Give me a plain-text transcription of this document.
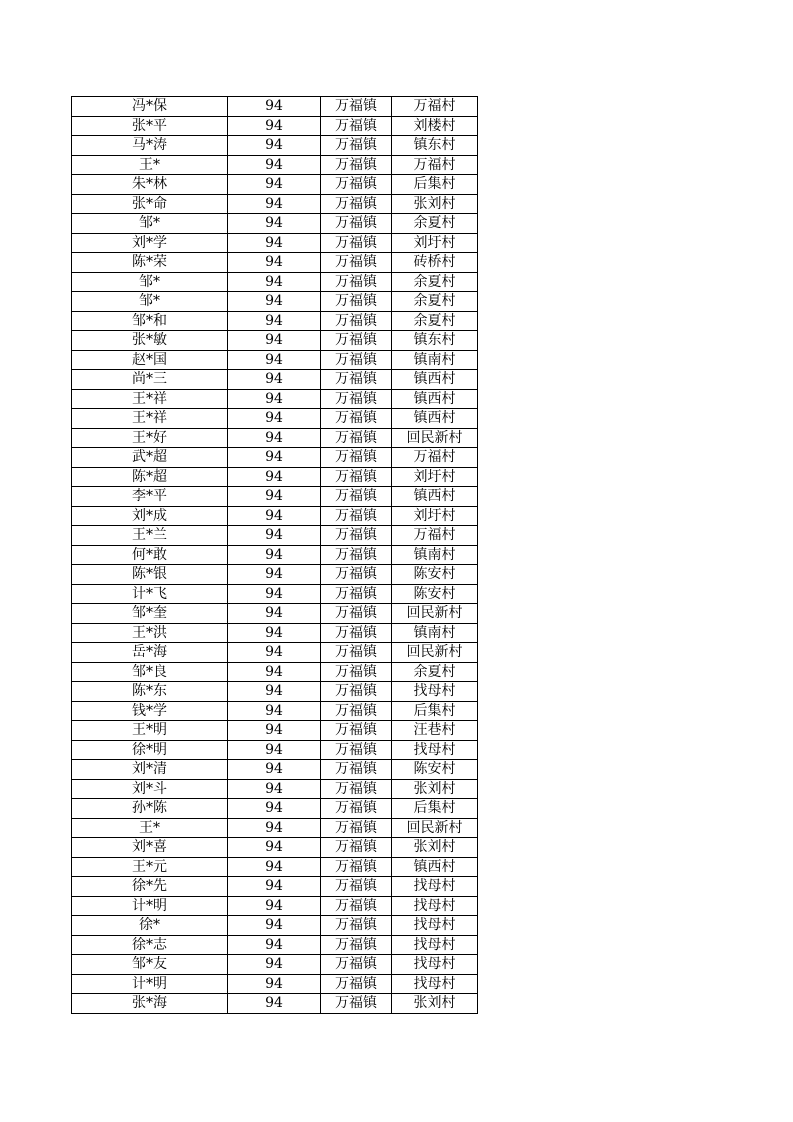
冯*保	94	万福镇	万福村
张*平	94	万福镇	刘楼村
马*涛	94	万福镇	镇东村
王*	94	万福镇	万福村
朱*林	94	万福镇	后集村
张*命	94	万福镇	张刘村
邹*	94	万福镇	余夏村
刘*学	94	万福镇	刘圩村
陈*荣	94	万福镇	砖桥村
邹*	94	万福镇	余夏村
邹*	94	万福镇	余夏村
邹*和	94	万福镇	余夏村
张*敏	94	万福镇	镇东村
赵*国	94	万福镇	镇南村
尚*三	94	万福镇	镇西村
王*祥	94	万福镇	镇西村
王*祥	94	万福镇	镇西村
王*好	94	万福镇	回民新村
武*超	94	万福镇	万福村
陈*超	94	万福镇	刘圩村
李*平	94	万福镇	镇西村
刘*成	94	万福镇	刘圩村
王*兰	94	万福镇	万福村
何*敢	94	万福镇	镇南村
陈*银	94	万福镇	陈安村
计*飞	94	万福镇	陈安村
邹*奎	94	万福镇	回民新村
王*洪	94	万福镇	镇南村
岳*海	94	万福镇	回民新村
邹*良	94	万福镇	余夏村
陈*东	94	万福镇	找母村
钱*学	94	万福镇	后集村
王*明	94	万福镇	汪巷村
徐*明	94	万福镇	找母村
刘*清	94	万福镇	陈安村
刘*斗	94	万福镇	张刘村
孙*陈	94	万福镇	后集村
王*	94	万福镇	回民新村
刘*喜	94	万福镇	张刘村
王*元	94	万福镇	镇西村
徐*先	94	万福镇	找母村
计*明	94	万福镇	找母村
徐*	94	万福镇	找母村
徐*志	94	万福镇	找母村
邹*友	94	万福镇	找母村
计*明	94	万福镇	找母村
张*海	94	万福镇	张刘村
